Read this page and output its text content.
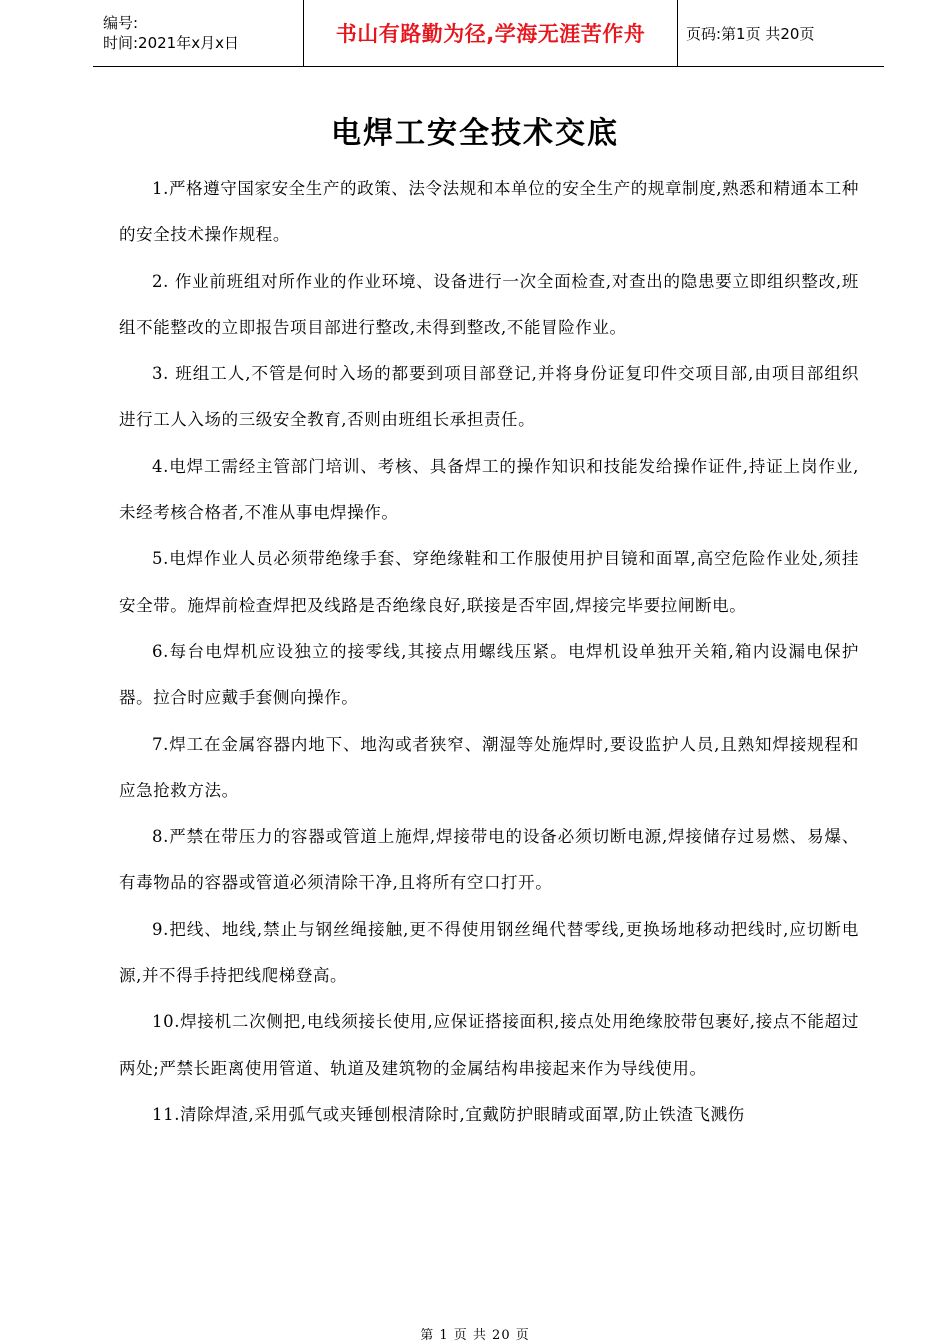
编号:
时间:2021年x月x日	书山有路勤为径,学海无涯苦作舟	页码:第1页 共20页
电焊工安全技术交底

1.严格遵守国家安全生产的政策、法令法规和本单位的安全生产的规章制度,熟悉和精通本工种的安全技术操作规程。

2. 作业前班组对所作业的作业环境、设备进行一次全面检查,对查出的隐患要立即组织整改,班组不能整改的立即报告项目部进行整改,未得到整改,不能冒险作业。

3. 班组工人,不管是何时入场的都要到项目部登记,并将身份证复印件交项目部,由项目部组织进行工人入场的三级安全教育,否则由班组长承担责任。

4.电焊工需经主管部门培训、考核、具备焊工的操作知识和技能发给操作证件,持证上岗作业,未经考核合格者,不准从事电焊操作。

5.电焊作业人员必须带绝缘手套、穿绝缘鞋和工作服使用护目镜和面罩,高空危险作业处,须挂安全带。施焊前检查焊把及线路是否绝缘良好,联接是否牢固,焊接完毕要拉闸断电。

6.每台电焊机应设独立的接零线,其接点用螺线压紧。电焊机设单独开关箱,箱内设漏电保护器。拉合时应戴手套侧向操作。

7.焊工在金属容器内地下、地沟或者狭窄、潮湿等处施焊时,要设监护人员,且熟知焊接规程和应急抢救方法。

8.严禁在带压力的容器或管道上施焊,焊接带电的设备必须切断电源,焊接储存过易燃、易爆、有毒物品的容器或管道必须清除干净,且将所有空口打开。

9.把线、地线,禁止与钢丝绳接触,更不得使用钢丝绳代替零线,更换场地移动把线时,应切断电源,并不得手持把线爬梯登高。

10.焊接机二次侧把,电线须接长使用,应保证搭接面积,接点处用绝缘胶带包裹好,接点不能超过两处;严禁长距离使用管道、轨道及建筑物的金属结构串接起来作为导线使用。

11.清除焊渣,采用弧气或夹锤刨根清除时,宜戴防护眼睛或面罩,防止铁渣飞溅伤

第 1 页 共 20 页
